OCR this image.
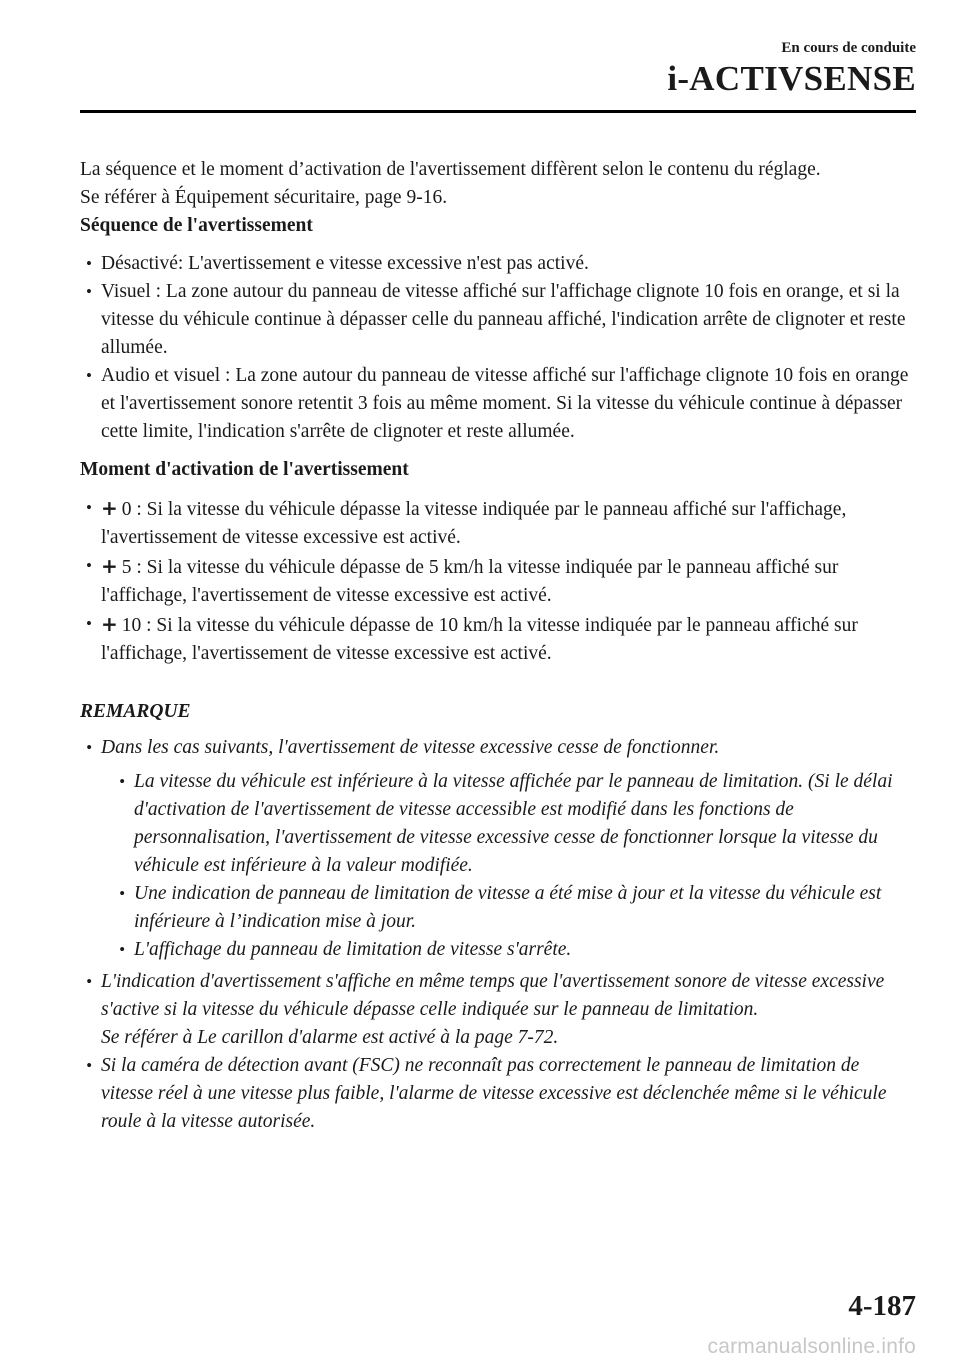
En cours de conduite
i-ACTIVSENSE

La séquence et le moment d’activation de l'avertissement diffèrent selon le contenu du réglage.

Se référer à Équipement sécuritaire, page 9-16.

Séquence de l'avertissement

• Désactivé: L'avertissement e vitesse excessive n'est pas activé.
• Visuel : La zone autour du panneau de vitesse affiché sur l'affichage clignote 10 fois en orange, et si la vitesse du véhicule continue à dépasser celle du panneau affiché, l'indication arrête de clignoter et reste allumée.
• Audio et visuel : La zone autour du panneau de vitesse affiché sur l'affichage clignote 10 fois en orange et l'avertissement sonore retentit 3 fois au même moment. Si la vitesse du véhicule continue à dépasser cette limite, l'indication s'arrête de clignoter et reste allumée.

Moment d'activation de l'avertissement

• + 0 : Si la vitesse du véhicule dépasse la vitesse indiquée par le panneau affiché sur l'affichage, l'avertissement de vitesse excessive est activé.
• + 5 : Si la vitesse du véhicule dépasse de 5 km/h la vitesse indiquée par le panneau affiché sur l'affichage, l'avertissement de vitesse excessive est activé.
• + 10 : Si la vitesse du véhicule dépasse de 10 km/h la vitesse indiquée par le panneau affiché sur l'affichage, l'avertissement de vitesse excessive est activé.

REMARQUE

• Dans les cas suivants, l'avertissement de vitesse excessive cesse de fonctionner.
• La vitesse du véhicule est inférieure à la vitesse affichée par le panneau de limitation. (Si le délai d'activation de l'avertissement de vitesse accessible est modifié dans les fonctions de personnalisation, l'avertissement de vitesse excessive cesse de fonctionner lorsque la vitesse du véhicule est inférieure à la valeur modifiée.
• Une indication de panneau de limitation de vitesse a été mise à jour et la vitesse du véhicule est inférieure à l’indication mise à jour.
• L'affichage du panneau de limitation de vitesse s'arrête.
• L'indication d'avertissement s'affiche en même temps que l'avertissement sonore de vitesse excessive s'active si la vitesse du véhicule dépasse celle indiquée sur le panneau de limitation.
Se référer à Le carillon d'alarme est activé à la page 7-72.
• Si la caméra de détection avant (FSC) ne reconnaît pas correctement le panneau de limitation de vitesse réel à une vitesse plus faible, l'alarme de vitesse excessive est déclenchée même si le véhicule roule à la vitesse autorisée.
4-187
carmanualsonline.info
